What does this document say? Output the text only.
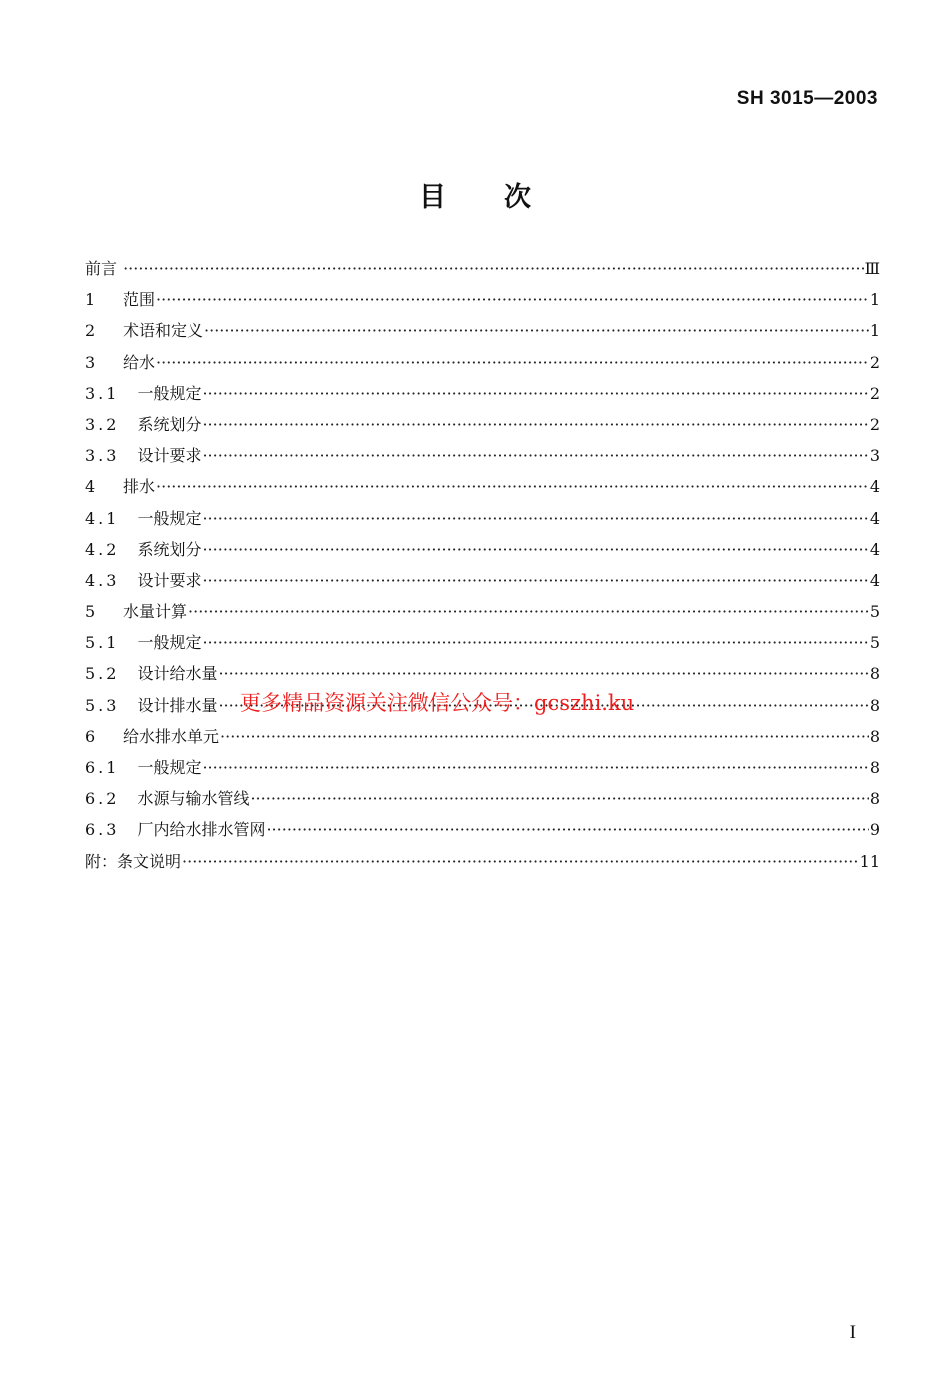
SH 3015—2003
目 次
前言 ·····	Ⅲ
1	范围 ·····	1
2	术语和定义 ·····	1
3	给水 ·····	2
3.1 一般规定 ·····	2
3.2 系统划分 ·····	2
3.3 设计要求 ·····	3
4	排水 ·····	4
4.1 一般规定 ·····	4
4.2 系统划分 ·····	4
4.3 设计要求 ·····	4
5	水量计算 ·····	5
5.1 一般规定 ·····	5
5.2 设计给水量 ·····	8
5.3 设计排水量 ·····	8
6	给水排水单元 ·····	8
6.1 一般规定 ·····	8
6.2 水源与输水管线 ·····	8
6.3 厂内给水排水管网 ·····	9
附：条文说明 ·····	11
更多精品资源关注微信公众号：gcszhi.ku
I
